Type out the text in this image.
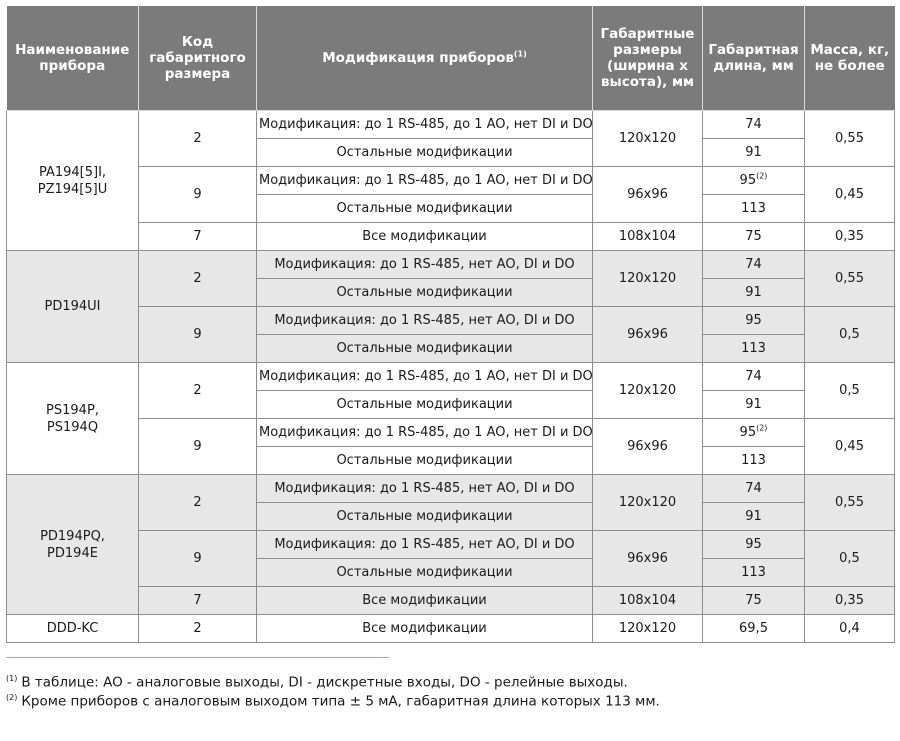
Наименование прибора	Код габаритного размера	Модификация приборов$^{(1)}$	Габаритные размеры (ширина х высота), мм	Габаритная длина, мм	Масса, кг, не более
PA194[5]I,
PZ194[5]U	2	Модификация: до 1 RS-485, до 1 AO, нет DI и DO	120x120	74	0,55
		Остальные модификации		91	
	9	Модификация: до 1 RS-485, до 1 AO, нет DI и DO	96x96	95$^{(2)}$	0,45
		Остальные модификации		113	
	7	Все модификации	108x104	75	0,35
PD194UI	2	Модификация: до 1 RS-485, нет AO, DI и DO	120x120	74	0,55
		Остальные модификации		91	
	9	Модификация: до 1 RS-485, нет AO, DI и DO	96x96	95	0,5
		Остальные модификации		113	
PS194P,
PS194Q	2	Модификация: до 1 RS-485, до 1 AO, нет DI и DO	120x120	74	0,5
		Остальные модификации		91	
	9	Модификация: до 1 RS-485, до 1 AO, нет DI и DO	96x96	95$^{(2)}$	0,45
		Остальные модификации		113	
PD194PQ,
PD194E	2	Модификация: до 1 RS-485, нет AO, DI и DO	120x120	74	0,55
		Остальные модификации		91	
	9	Модификация: до 1 RS-485, нет AO, DI и DO	96x96	95	0,5
		Остальные модификации		113	
	7	Все модификации	108x104	75	0,35
DDD-KC	2	Все модификации	120x120	69,5	0,4
$^{(1)}$ В таблице: AO - аналоговые выходы, DI - дискретные входы, DO - релейные выходы.
$^{(2)}$ Кроме приборов с аналоговым выходом типа ± 5 мА, габаритная длина которых 113 мм.
